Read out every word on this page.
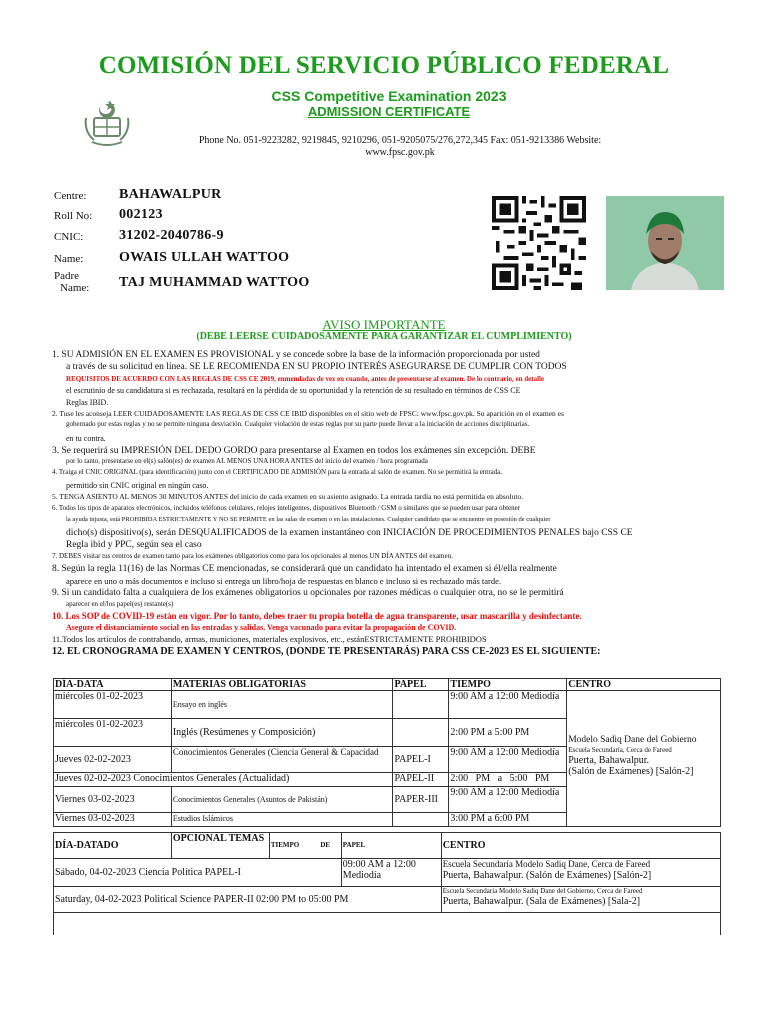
COMISIÓN DEL SERVICIO PÚBLICO FEDERAL
CSS Competitive Examination 2023
ADMISSION CERTIFICATE
Phone No. 051-9223282, 9219845, 9210296, 051-9205075/276,272,345 Fax: 051-9213386 Website:
www.fpsc.gov.pk
Centre: BAHAWALPUR
Roll No: 002123
CNIC:	31202-2040786-9
Name:	OWAIS ULLAH WATTOO
Padre
Name: TAJ MUHAMMAD WATTOO
AVISO IMPORTANTE
(DEBE LEERSE CUIDADOSAMENTE PARA GARANTIZAR EL CUMPLIMIENTO)
1. SU ADMISIÓN EN EL EXAMEN ES PROVISIONAL y se concede sobre la base de la información proporcionada por usted
a través de su solicitud en línea. SE LE RECOMIENDA EN SU PROPIO INTERÉS ASEGURARSE DE CUMPLIR CON TODOS
REQUISITOS DE ACUERDO CON LAS REGLAS DE CSS CE 2019, enmendadas de vez en cuando, antes de presentarse al examen. De lo contrario, en detalle
el escrutinio de su candidatura si es rechazada, resultará en la pérdida de su oportunidad y la retención de su resultado en términos de CSS CE
Reglas IBID.
2. Tuse les aconseja LEER CUIDADOSAMENTE LAS REGLAS DE CSS CE IBID disponibles en el sitio web de FPSC: www.fpsc.gov.pk. Su aparición en el examen es
gobernado por estas reglas y no se permite ninguna desviación. Cualquier violación de estas reglas por su parte puede llevar a la iniciación de acciones disciplinarias.
en tu contra.
3. Se requerirá su IMPRESIÓN DEL DEDO GORDO para presentarse al Examen en todos los exámenes sin excepción. DEBE
por lo tanto, presentarse en el(s) salón(es) de examen AL MENOS UNA HORA ANTES del inicio del examen / hora programada
4. Traiga el CNIC ORIGINAL (para identificación) junto con el CERTIFICADO DE ADMISIÓN para la entrada al salón de examen. No se permitirá la entrada.
permitido sin CNIC original en ningún caso.
5. TENGA ASIENTO AL MENOS 30 MINUTOS ANTES del inicio de cada examen en su asiento asignado. La entrada tardía no está permitida en absoluto.
6. Todos los tipos de aparatos electrónicos, incluidos teléfonos celulares, relojes inteligentes, dispositivos Bluetooth / GSM o similares que se pueden usar para obtener
la ayuda injusta, está PROHIBIDA ESTRICTAMENTE Y NO SE PERMITE en las salas de examen o en las instalaciones. Cualquier candidato que se encuentre en posesión de cualquier
dicho(s) dispositivo(s), serán DESQUALIFICADOS de la examen instantáneo con INICIACIÓN DE PROCEDIMIENTOS PENALES bajo CSS CE
Regla ibid y PPC, según sea el caso
7. DEBES visitar tus centros de examen tanto para los exámenes obligatorios como para los opcionales al menos UN DÍA ANTES del examen.
8. Según la regla 11(16) de las Normas CE mencionadas, se considerará que un candidato ha intentado el examen si él/ella realmente
aparece en uno o más documentos e incluso si entrega un libro/hoja de respuestas en blanco e incluso si es rechazado más tarde.
9. Si un candidato falta a cualquiera de los exámenes obligatorios u opcionales por razones médicas o cualquier otra, no se le permitirá
aparecer en el/los papel(es) restante(s)
10. Los SOP de COVID-19 están en vigor. Por lo tanto, debes traer tu propia botella de agua transparente, usar mascarilla y desinfectante.
Asegure el distanciamiento social en las entradas y salidas. Venga vacunado para evitar la propagación de COVID.
11.Todos los artículos de contrabando, armas, municiones, materiales explosivos, etc., estánESTRICTAMENTE PROHIBIDOS
12. EL CRONOGRAMA DE EXAMEN Y CENTROS, (DONDE TE PRESENTARÁS) PARA CSS CE-2023 ES EL SIGUIENTE:
DÍA-DATA	MATERIAS OBLIGATORIAS	PAPEL	TIEMPO	CENTRO
miércoles 01-02-2023	Ensayo en inglés		9:00 AM a 12:00 Mediodía	Modelo Sadiq Dane del Gobierno
Escuela Secundaria, Cerca de Fareed
Puerta, Bahawalpur.
(Salón de Exámenes) [Salón-2]

miércoles 01-02-2023	Inglés (Resúmenes y Composición)		2:00 PM a 5:00 PM	
Jueves 02-02-2023	Conocimientos Generales (Ciencia General & Capacidad	PAPEL-I	9:00 AM a 12:00 Mediodía	
Jueves 02-02-2023 Conocimientos Generales (Actualidad)		PAPEL-II	2:00 PM a 5:00 PM	
Viernes 03-02-2023	Conocimientos Generales (Asuntos de Pakistán)	PAPER-III	9:00 AM a 12:00 Mediodía	
Viernes 03-02-2023	Estudios Islámicos		3:00 PM a 6:00 PM	
DÍA-DATADO	OPCIONAL TEMAS	TIEMPO	DE	PAPEL	CENTRO
Sábado, 04-02-2023 Ciencia Política PAPEL-I				09:00 AM a 12:00 Mediodía	Escuela Secundaria Modelo Sadiq Dane, Cerca de Fareed
Puerta, Bahawalpur. (Salón de Exámenes) [Salón-2]

Saturday, 04-02-2023 Political Science PAPER-II 02:00 PM to 05:00 PM					Escuela Secundaria Modelo Sadiq Dane del Gobierno, Cerca de Fareed
Puerta, Bahawalpur. (Sala de Exámenes) [Sala-2]
